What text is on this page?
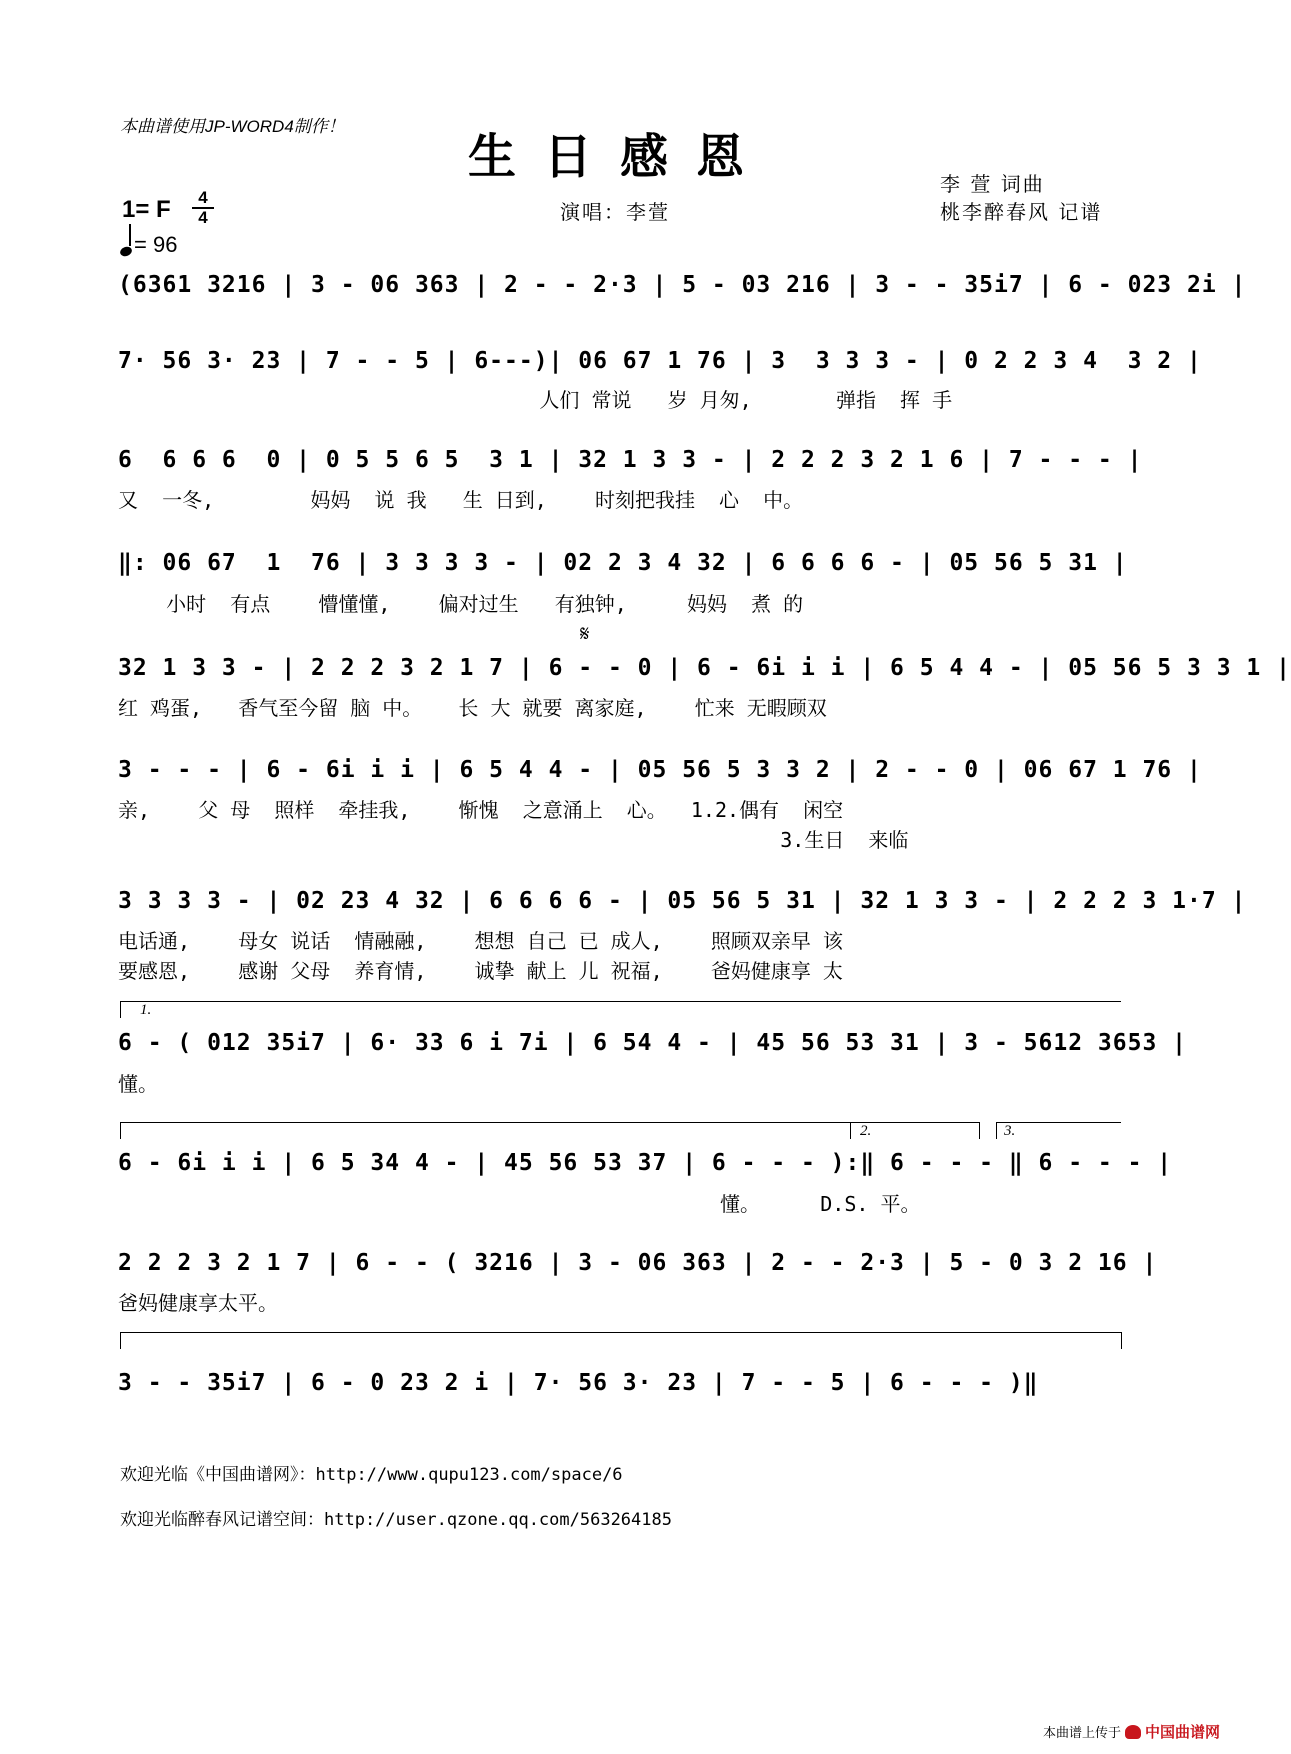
本曲谱使用JP-WORD4制作！
生日感恩	李 萱 词曲
桃李醉春风 记谱
演唱：李萱
1= F	4
4
= 96
(6361 3216 | 3 - 06 363 | 2 - - 2·3 | 5 - 03 216 | 3 - - 35i7 | 6 - 023 2i |
7· 56 3· 23 | 7 - - 5 | 6---)| 06 67 1 76 | 3  3 3 3 - | 0 2 2 3 4  3 2 |
人们 常说   岁 月匆,       弹指  挥 手
6  6 6 6  0 | 0 5 5 6 5  3 1 | 32 1 3 3 - | 2 2 2 3 2 1 6 | 7 - - - |
又  一冬,        妈妈  说 我   生 日到,    时刻把我挂  心  中。
‖: 06 67  1  76 | 3 3 3 3 - | 02 2 3 4 32 | 6 6 6 6 - | 05 56 5 31 |
小时  有点    懵懂懂,    偏对过生   有独钟,     妈妈  煮 的
𝄋
32 1 3 3 - | 2 2 2 3 2 1 7 | 6 - - 0 | 6 - 6i i i | 6 5 4 4 - | 05 56 5 3 3 1 |
红 鸡蛋,   香气至今留 脑 中。   长 大 就要 离家庭,    忙来 无暇顾双
3 - - - | 6 - 6i i i | 6 5 4 4 - | 05 56 5 3 3 2 | 2 - - 0 | 06 67 1 76 |
亲,    父 母  照样  牵挂我,    惭愧  之意涌上  心。  1.2.偶有  闲空
3.生日  来临
3 3 3 3 - | 02 23 4 32 | 6 6 6 6 - | 05 56 5 31 | 32 1 3 3 - | 2 2 2 3 1·7 |
电话通,    母女 说话  情融融,    想想 自己 已 成人,    照顾双亲早 该
要感恩,    感谢 父母  养育情,    诚挚 献上 儿 祝福,    爸妈健康享 太
1.
6 - ( 012 35i7 | 6· 33 6 i 7i | 6 54 4 - | 45 56 53 31 | 3 - 5612 3653 |
懂。
2.	3.
6 - 6i i i | 6 5 34 4 - | 45 56 53 37 | 6 - - - ):‖ 6 - - - ‖ 6 - - - |
懂。     D.S. 平。
2 2 2 3 2 1 7 | 6 - - ( 3216 | 3 - 06 363 | 2 - - 2·3 | 5 - 0 3 2 16 |
爸妈健康享太平。
3 - - 35i7 | 6 - 0 23 2 i | 7· 56 3· 23 | 7 - - 5 | 6 - - - )‖
欢迎光临《中国曲谱网》：http://www.qupu123.com/space/6
欢迎光临醉春风记谱空间：http://user.qzone.qq.com/563264185
本曲谱上传于 中国曲谱网
